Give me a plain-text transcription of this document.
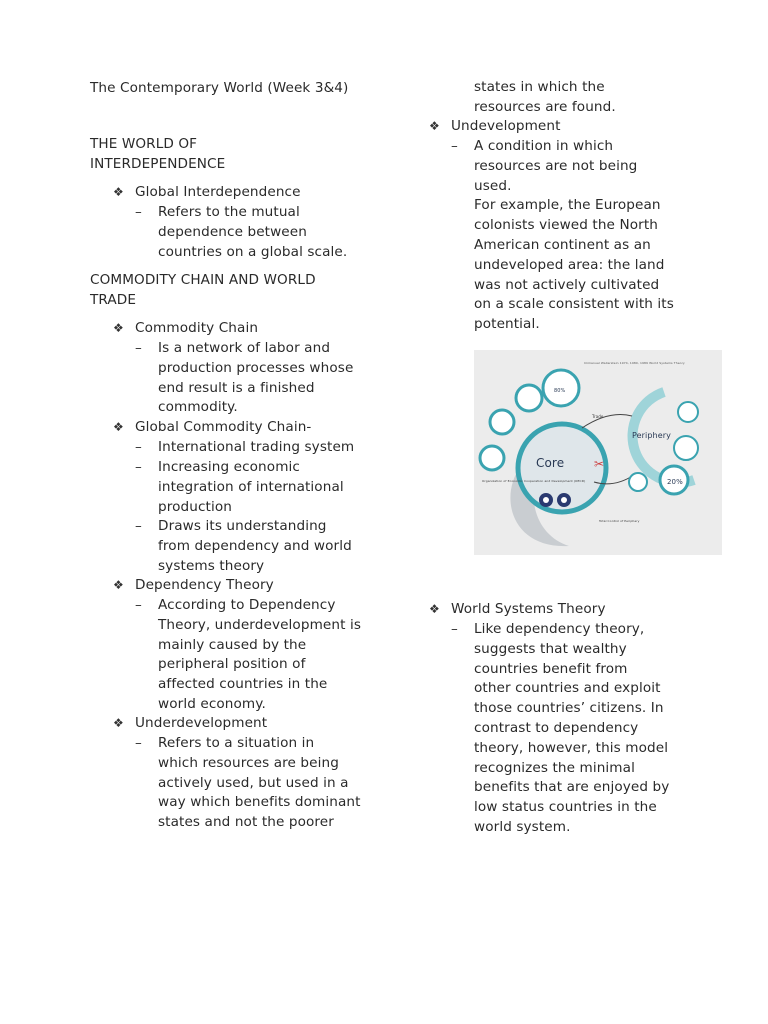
The Contemporary World (Week 3&4)
THE WORLD OF
INTERDEPENDENCE
❖ Global Interdependence
–	Refers to the mutual
dependence between
countries on a global scale.
COMMODITY CHAIN AND WORLD
TRADE
❖ Commodity Chain
–	Is a network of labor and
production processes whose
end result is a finished
commodity.
❖ Global Commodity Chain-
–	International trading system
–	Increasing economic
integration of international
production
–	Draws its understanding
from dependency and world
systems theory
❖ Dependency Theory
–	According to Dependency
Theory, underdevelopment is
mainly caused by the
peripheral position of
affected countries in the
world economy.
❖ Underdevelopment
–	Refers to a situation in
which resources are being
actively used, but used in a
way which benefits dominant
states and not the poorer
states in which the
resources are found.
❖ Undevelopment
–	A condition in which
resources are not being
used.
For example, the European
colonists viewed the North
American continent as an
undeveloped area: the land
was not actively cultivated
on a scale consistent with its
potential.
Core
Periphery
Trade
✂
80%
20%
Immanuel Wallerstein 1974, 1980, 1989 World Systems Theory
Organization of Economic Cooperation and Development (OECD)
Total Control of Periphery
❖ World Systems Theory
–	Like dependency theory,
suggests that wealthy
countries benefit from
other countries and exploit
those countries’ citizens. In
contrast to dependency
theory, however, this model
recognizes the minimal
benefits that are enjoyed by
low status countries in the
world system.
